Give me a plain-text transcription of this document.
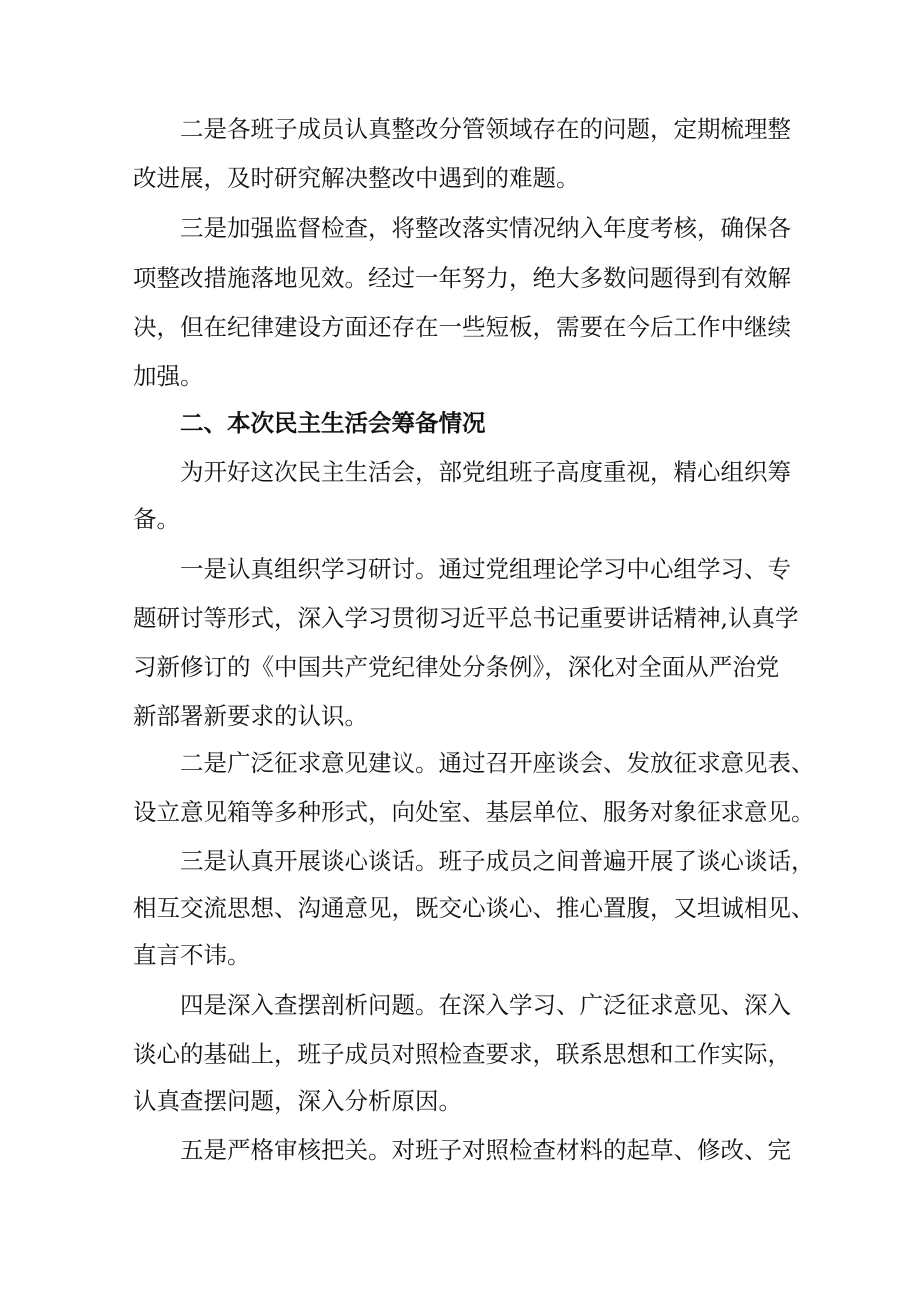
二是各班子成员认真整改分管领域存在的问题，定期梳理整

改进展，及时研究解决整改中遇到的难题。

三是加强监督检查，将整改落实情况纳入年度考核，确保各

项整改措施落地见效。经过一年努力，绝大多数问题得到有效解

决，但在纪律建设方面还存在一些短板，需要在今后工作中继续

加强。

二、本次民主生活会筹备情况

为开好这次民主生活会，部党组班子高度重视，精心组织筹

备。

一是认真组织学习研讨。通过党组理论学习中心组学习、专

题研讨等形式，深入学习贯彻习近平总书记重要讲话精神,认真学

习新修订的《中国共产党纪律处分条例》，深化对全面从严治党

新部署新要求的认识。

二是广泛征求意见建议。通过召开座谈会、发放征求意见表、

设立意见箱等多种形式，向处室、基层单位、服务对象征求意见。

三是认真开展谈心谈话。班子成员之间普遍开展了谈心谈话，

相互交流思想、沟通意见，既交心谈心、推心置腹，又坦诚相见、

直言不讳。

四是深入查摆剖析问题。在深入学习、广泛征求意见、深入

谈心的基础上，班子成员对照检查要求，联系思想和工作实际，

认真查摆问题，深入分析原因。

五是严格审核把关。对班子对照检查材料的起草、修改、完
